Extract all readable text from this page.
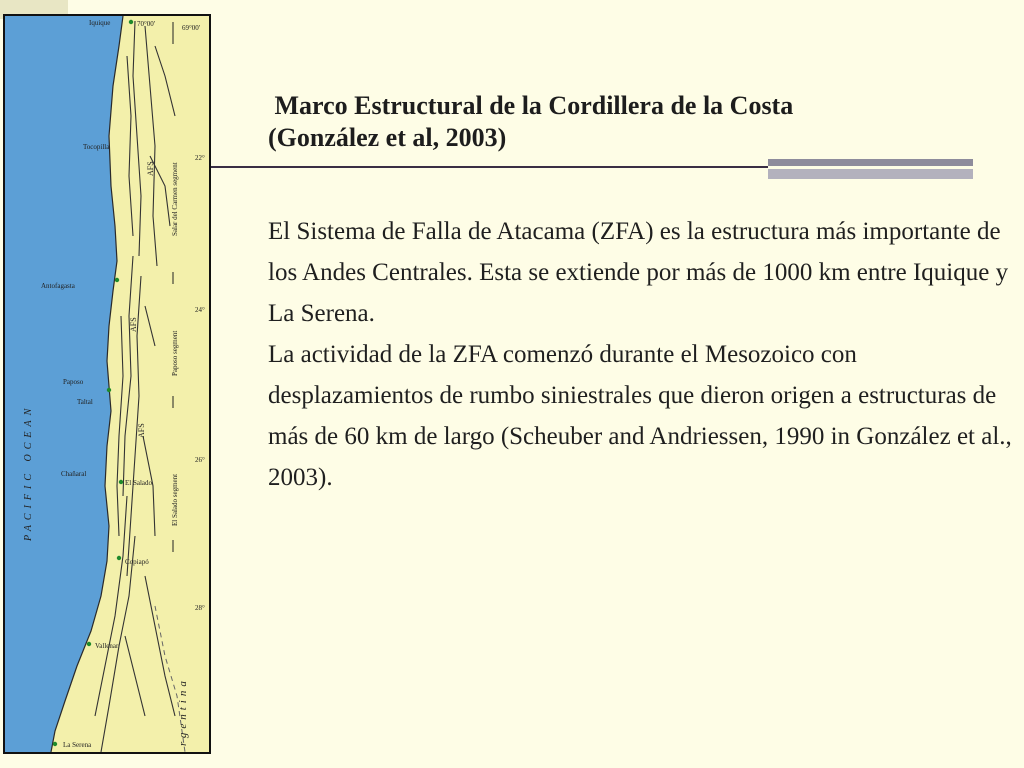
70°00'	69°00'
22°
24°
26°
28°
Salar del Carmen segment
Paposo segment
El Salado segment
AFS
AFS
AFS
PACIFIC OCEAN
rgentina
Iquique
Tocopilla
Antofagasta
Paposo
Taltal
Chañaral
El Salado
Copiapó
Vallenar
La Serena
Marco Estructural de la Cordillera de la Costa
(González et al, 2003)

El Sistema de Falla de Atacama (ZFA) es la estructura más importante de los Andes Centrales. Esta se extiende por más de 1000 km entre Iquique y La Serena.

La actividad de la ZFA comenzó durante el Mesozoico con desplazamientos de rumbo siniestrales que dieron origen a estructuras de más de 60 km de largo (Scheuber and Andriessen, 1990 in González et al., 2003).
